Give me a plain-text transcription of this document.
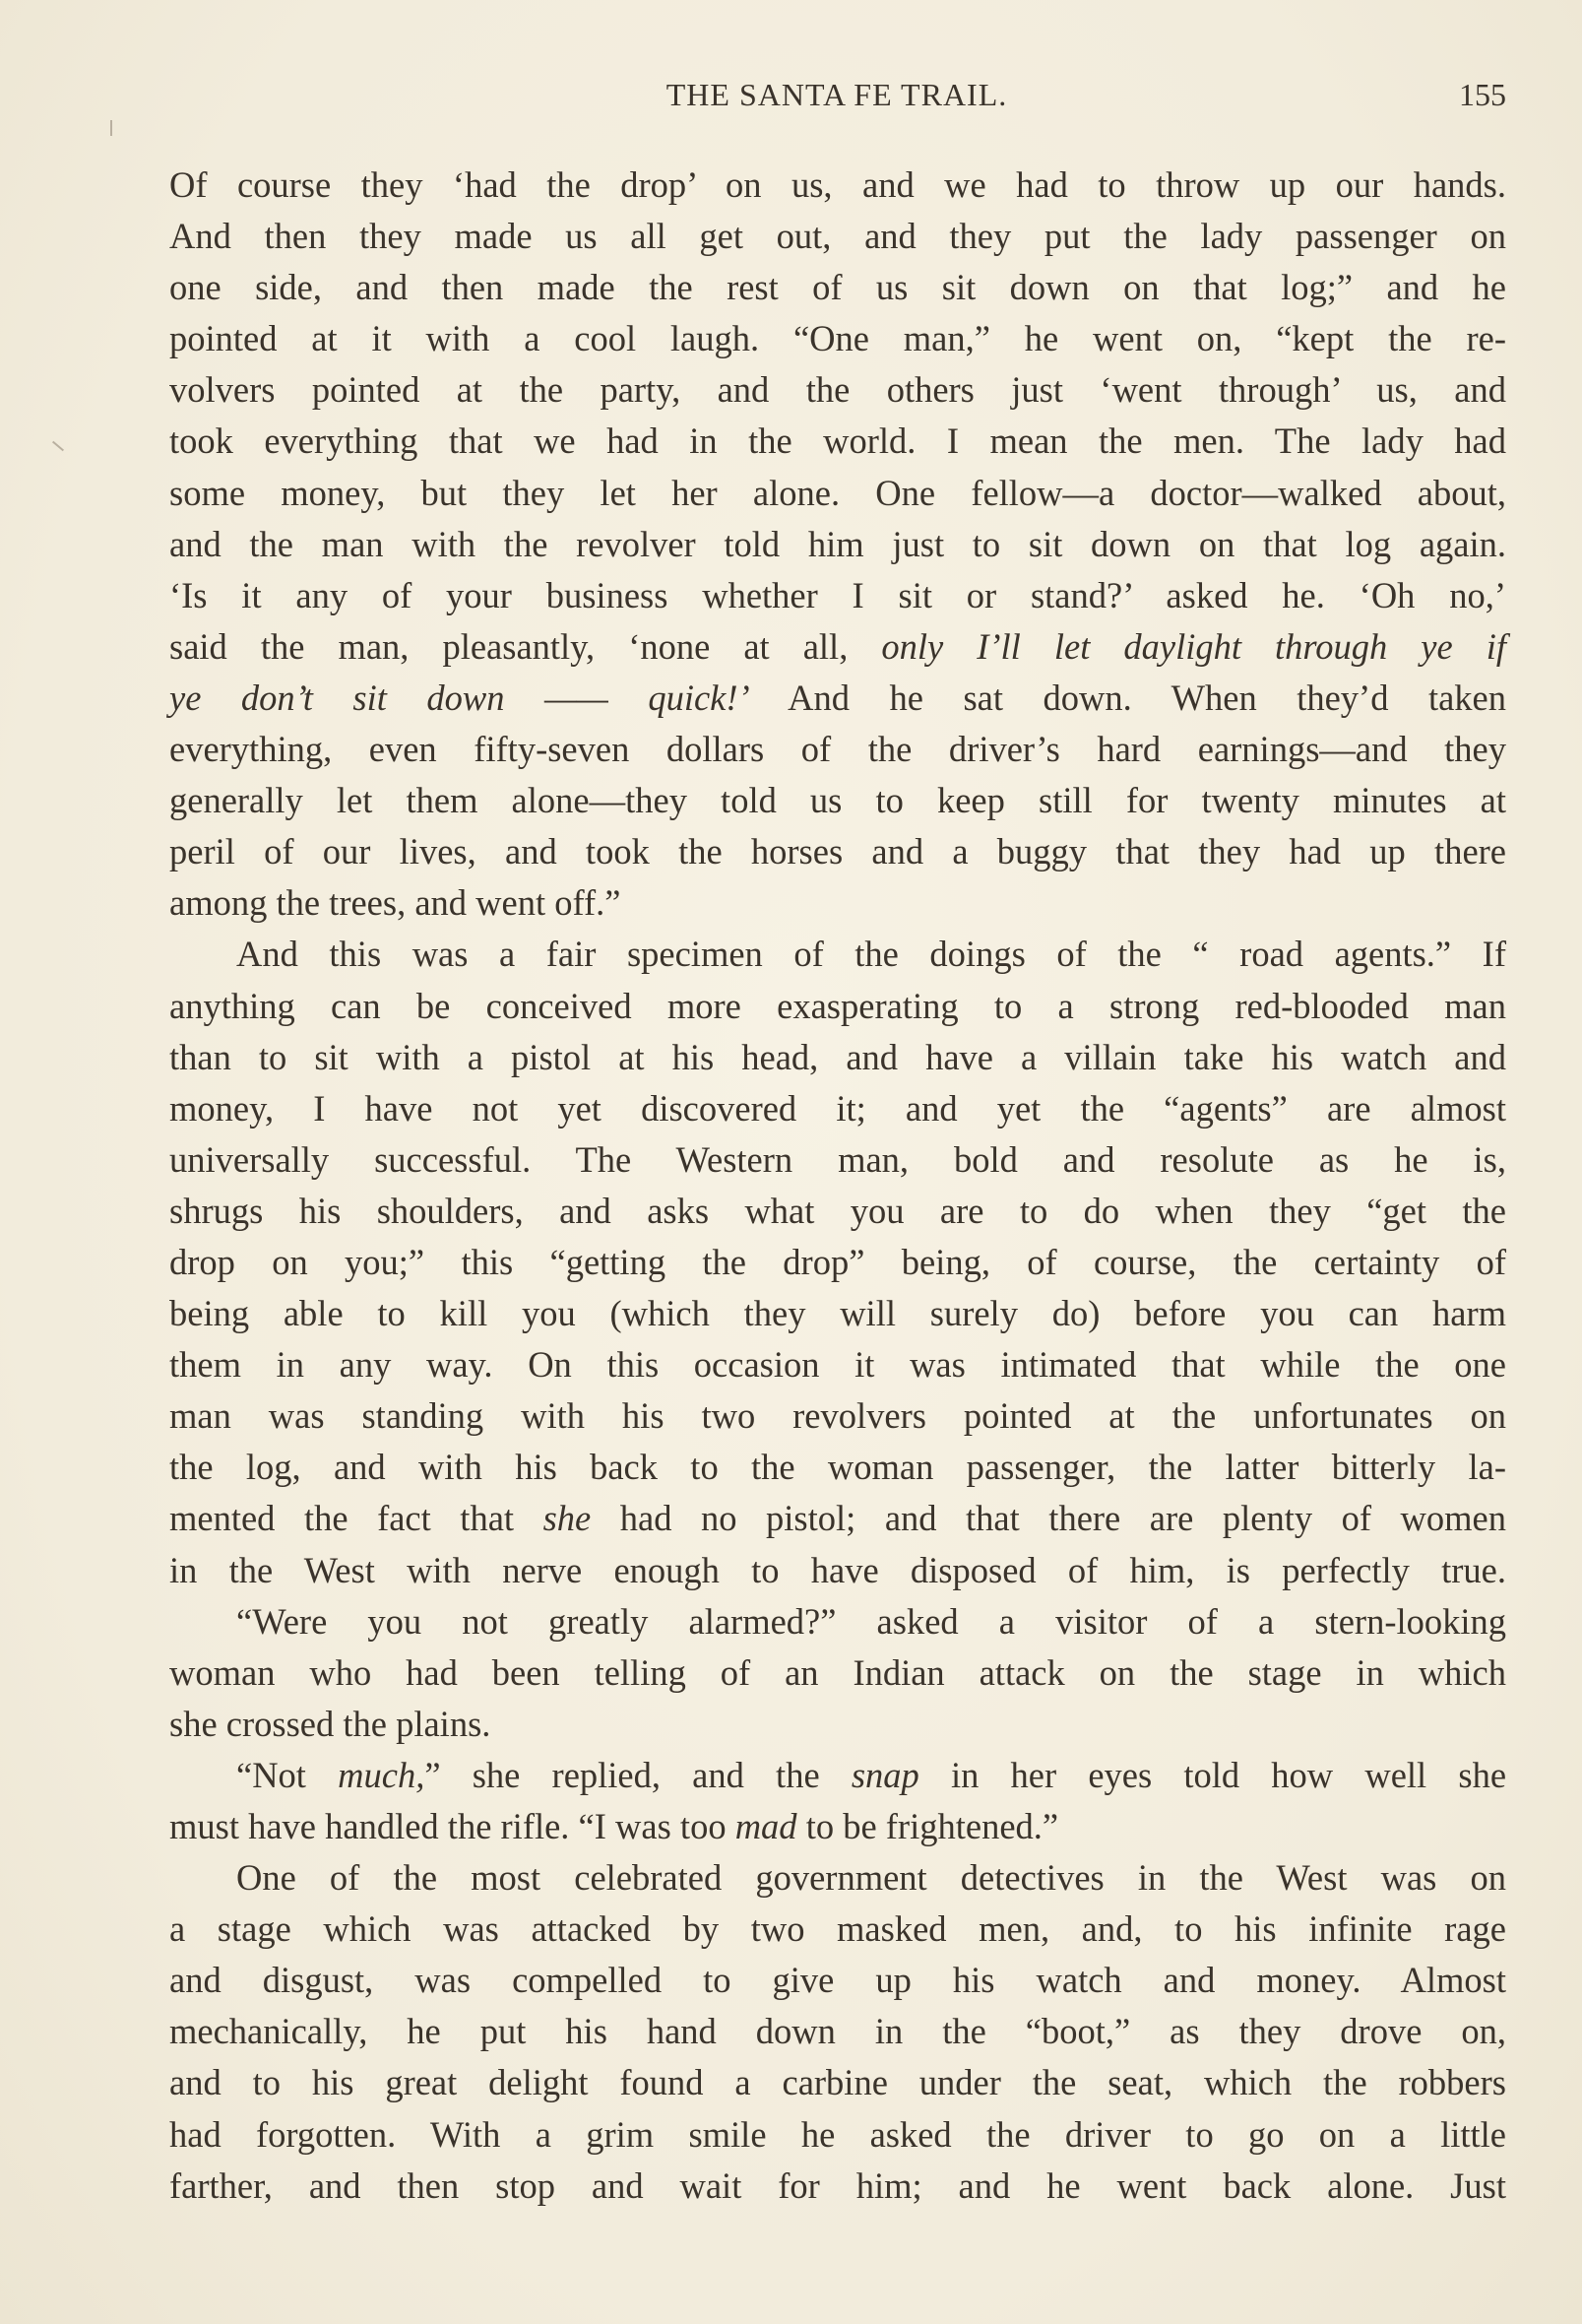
THE SANTA FE TRAIL.	155
Of course they ‘had the drop’ on us, and we had to throw up our hands.
And then they made us all get out, and they put the lady passenger on
one side, and then made the rest of us sit down on that log;” and he
pointed at it with a cool laugh. “One man,” he went on, “kept the re-
volvers pointed at the party, and the others just ‘went through’ us, and
took everything that we had in the world. I mean the men. The lady had
some money, but they let her alone. One fellow—a doctor—walked about,
and the man with the revolver told him just to sit down on that log again.
‘Is it any of your business whether I sit or stand?’ asked he. ‘Oh no,’
said the man, pleasantly, ‘none at all, only I’ll let daylight through ye if
ye don’t sit down —— quick!’ And he sat down. When they’d taken
everything, even fifty-seven dollars of the driver’s hard earnings—and they
generally let them alone—they told us to keep still for twenty minutes at
peril of our lives, and took the horses and a buggy that they had up there
among the trees, and went off.”
And this was a fair specimen of the doings of the “ road agents.” If
anything can be conceived more exasperating to a strong red-blooded man
than to sit with a pistol at his head, and have a villain take his watch and
money, I have not yet discovered it; and yet the “agents” are almost
universally successful. The Western man, bold and resolute as he is,
shrugs his shoulders, and asks what you are to do when they “get the
drop on you;” this “getting the drop” being, of course, the certainty of
being able to kill you (which they will surely do) before you can harm
them in any way. On this occasion it was intimated that while the one
man was standing with his two revolvers pointed at the unfortunates on
the log, and with his back to the woman passenger, the latter bitterly la-
mented the fact that she had no pistol; and that there are plenty of women
in the West with nerve enough to have disposed of him, is perfectly true.
“Were you not greatly alarmed?” asked a visitor of a stern-looking
woman who had been telling of an Indian attack on the stage in which
she crossed the plains.
“Not much,” she replied, and the snap in her eyes told how well she
must have handled the rifle. “I was too mad to be frightened.”
One of the most celebrated government detectives in the West was on
a stage which was attacked by two masked men, and, to his infinite rage
and disgust, was compelled to give up his watch and money. Almost
mechanically, he put his hand down in the “boot,” as they drove on,
and to his great delight found a carbine under the seat, which the robbers
had forgotten. With a grim smile he asked the driver to go on a little
farther, and then stop and wait for him; and he went back alone. Just
